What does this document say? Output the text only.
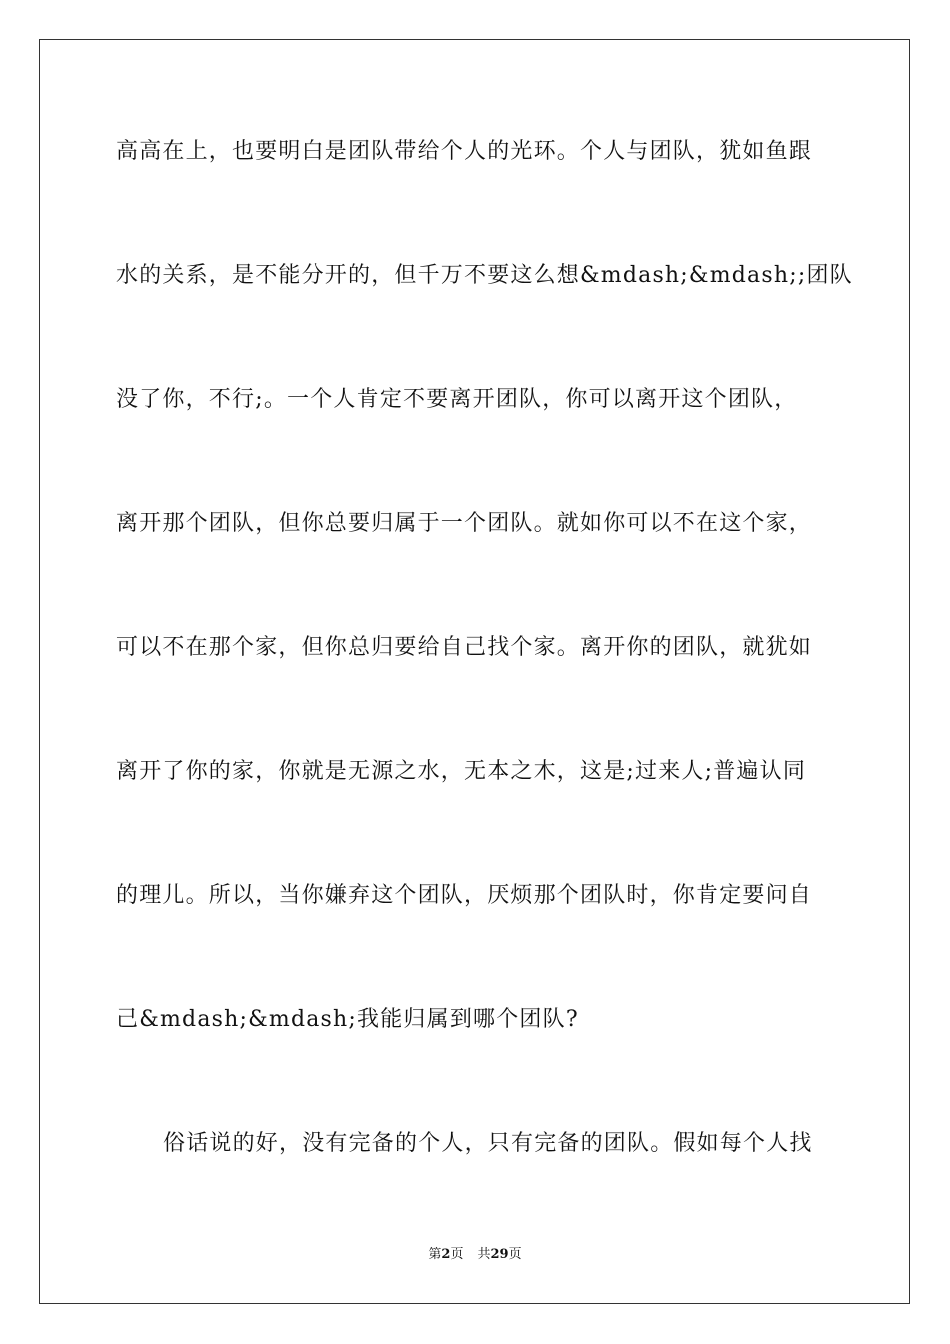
高高在上，也要明白是团队带给个人的光环。个人与团队，犹如鱼跟
水的关系，是不能分开的，但千万不要这么想&mdash;&mdash;;团队
没了你，不行;。一个人肯定不要离开团队，你可以离开这个团队，
离开那个团队，但你总要归属于一个团队。就如你可以不在这个家，
可以不在那个家，但你总归要给自己找个家。离开你的团队，就犹如
离开了你的家，你就是无源之水，无本之木，这是;过来人;普遍认同
的理儿。所以，当你嫌弃这个团队，厌烦那个团队时，你肯定要问自
己&mdash;&mdash;我能归属到哪个团队?
俗话说的好，没有完备的个人，只有完备的团队。假如每个人找
第2页 共29页
